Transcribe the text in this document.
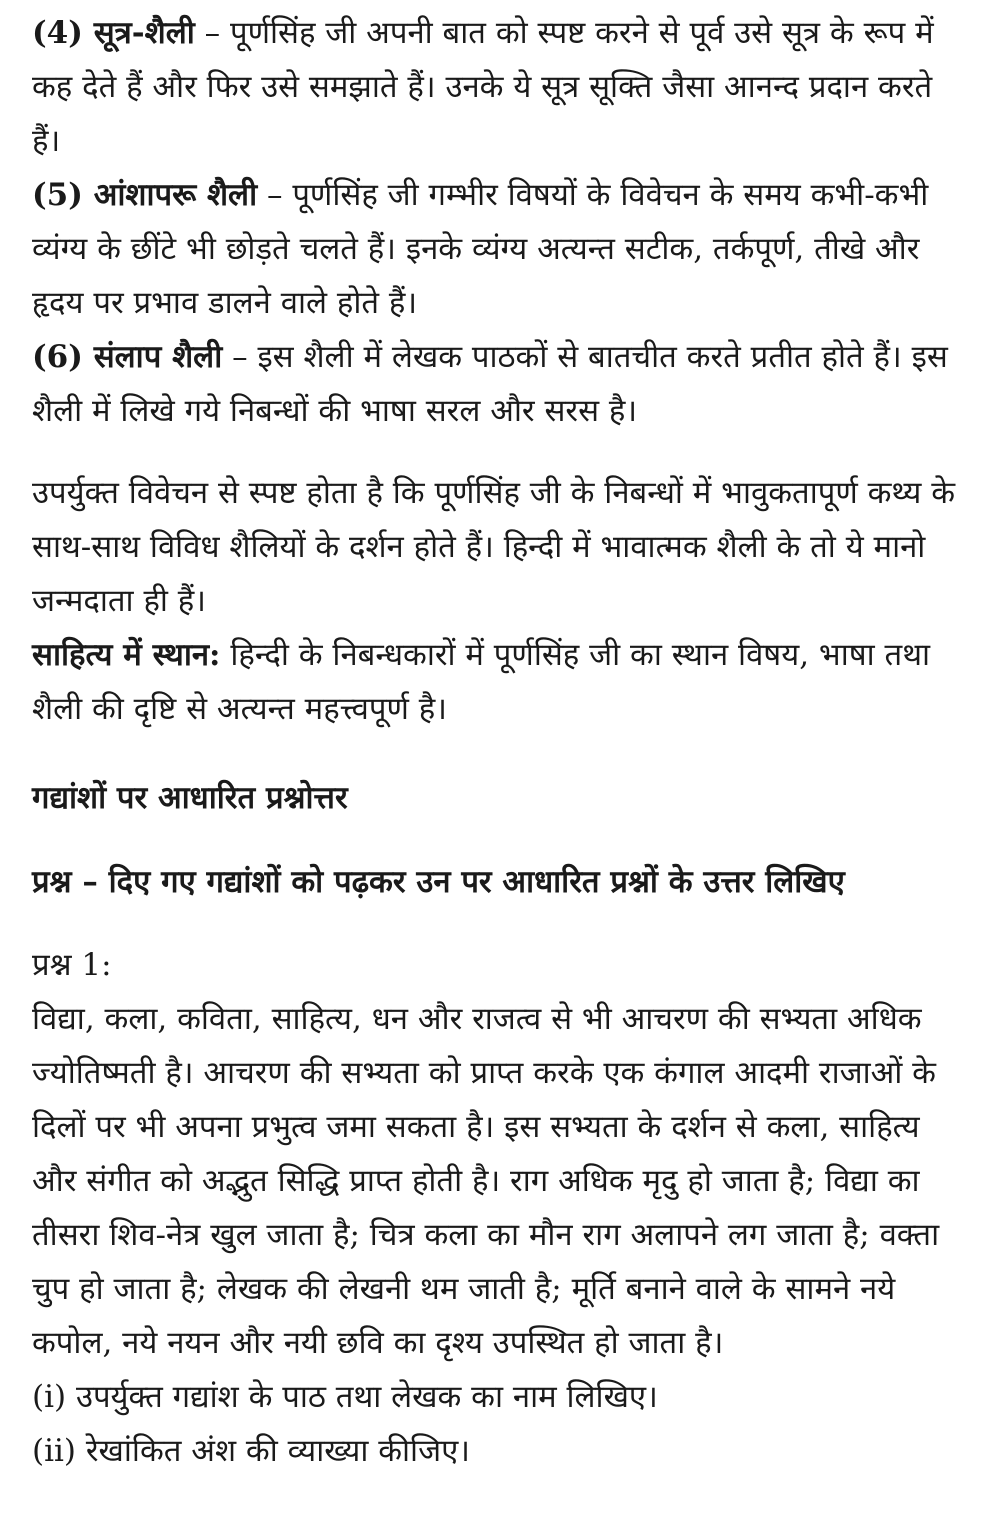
(4) सूत्र-शैली – पूर्णसिंह जी अपनी बात को स्पष्ट करने से पूर्व उसे सूत्र के रूप में कह देते हैं और फिर उसे समझाते हैं। उनके ये सूत्र सूक्ति जैसा आनन्द प्रदान करते हैं।

(5) आंशापरू शैली – पूर्णसिंह जी गम्भीर विषयों के विवेचन के समय कभी-कभी व्यंग्य के छींटे भी छोड़ते चलते हैं। इनके व्यंग्य अत्यन्त सटीक, तर्कपूर्ण, तीखे और हृदय पर प्रभाव डालने वाले होते हैं।

(6) संलाप शैली – इस शैली में लेखक पाठकों से बातचीत करते प्रतीत होते हैं। इस शैली में लिखे गये निबन्धों की भाषा सरल और सरस है।

उपर्युक्त विवेचन से स्पष्ट होता है कि पूर्णसिंह जी के निबन्धों में भावुकतापूर्ण कथ्य के साथ-साथ विविध शैलियों के दर्शन होते हैं। हिन्दी में भावात्मक शैली के तो ये मानो जन्मदाता ही हैं।

साहित्य में स्थान: हिन्दी के निबन्धकारों में पूर्णसिंह जी का स्थान विषय, भाषा तथा शैली की दृष्टि से अत्यन्त महत्त्वपूर्ण है।

गद्यांशों पर आधारित प्रश्नोत्तर

प्रश्न – दिए गए गद्यांशों को पढ़कर उन पर आधारित प्रश्नों के उत्तर लिखिए

प्रश्न 1:

विद्या, कला, कविता, साहित्य, धन और राजत्व से भी आचरण की सभ्यता अधिक ज्योतिष्मती है। आचरण की सभ्यता को प्राप्त करके एक कंगाल आदमी राजाओं के दिलों पर भी अपना प्रभुत्व जमा सकता है। इस सभ्यता के दर्शन से कला, साहित्य और संगीत को अद्भुत सिद्धि प्राप्त होती है। राग अधिक मृदु हो जाता है; विद्या का तीसरा शिव-नेत्र खुल जाता है; चित्र कला का मौन राग अलापने लग जाता है; वक्ता चुप हो जाता है; लेखक की लेखनी थम जाती है; मूर्ति बनाने वाले के सामने नये कपोल, नये नयन और नयी छवि का दृश्य उपस्थित हो जाता है।

(i) उपर्युक्त गद्यांश के पाठ तथा लेखक का नाम लिखिए।

(ii) रेखांकित अंश की व्याख्या कीजिए।
